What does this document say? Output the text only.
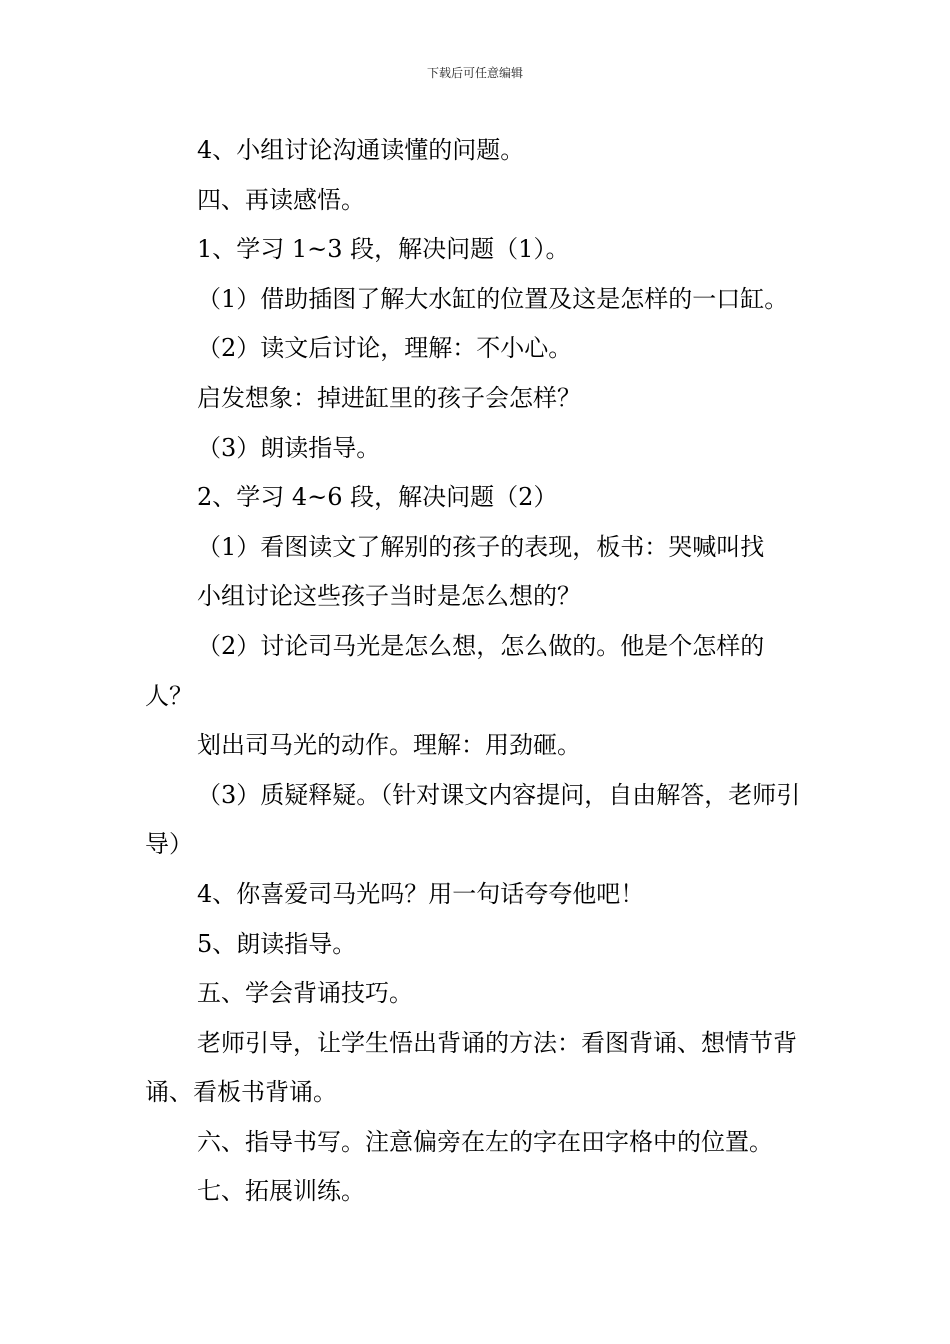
下载后可任意编辑

4、小组讨论沟通读懂的问题。

四、再读感悟。

1、学习 1~3 段，解决问题（1）。

（1）借助插图了解大水缸的位置及这是怎样的一口缸。

（2）读文后讨论，理解：不小心。

启发想象：掉进缸里的孩子会怎样？

（3）朗读指导。

2、学习 4~6 段，解决问题（2）

（1）看图读文了解别的孩子的表现，板书：哭喊叫找

小组讨论这些孩子当时是怎么想的？

（2）讨论司马光是怎么想，怎么做的。他是个怎样的人？

划出司马光的动作。理解：用劲砸。

（3）质疑释疑。（针对课文内容提问，自由解答，老师引导）

4、你喜爱司马光吗？用一句话夸夸他吧！

5、朗读指导。

五、学会背诵技巧。

老师引导，让学生悟出背诵的方法：看图背诵、想情节背诵、看板书背诵。

六、指导书写。注意偏旁在左的字在田字格中的位置。

七、拓展训练。
